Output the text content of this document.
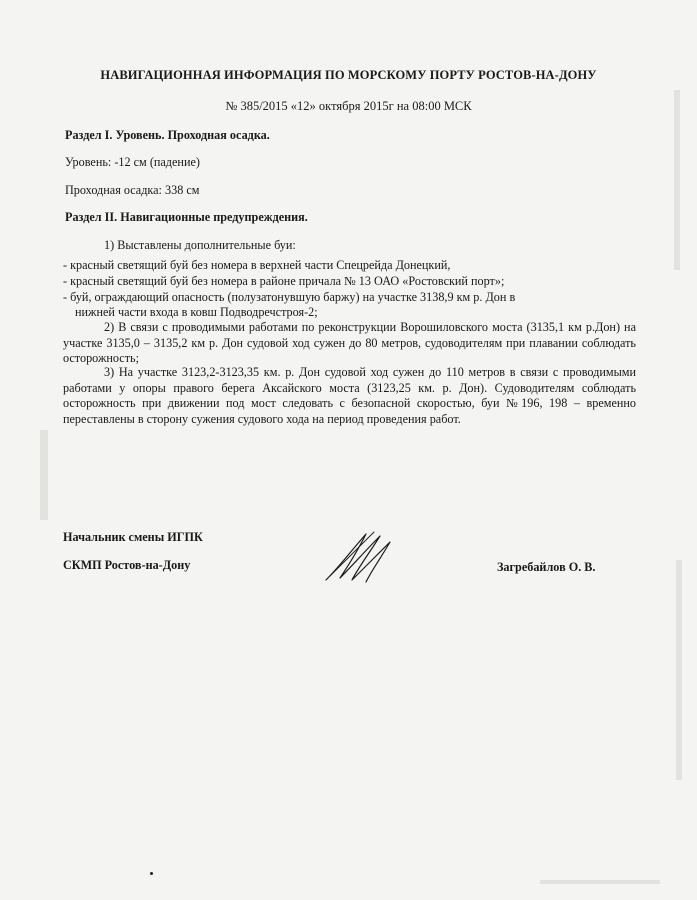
НАВИГАЦИОННАЯ ИНФОРМАЦИЯ ПО МОРСКОМУ ПОРТУ РОСТОВ-НА-ДОНУ
№ 385/2015 «12» октября 2015г на 08:00 МСК
Раздел I. Уровень. Проходная осадка.
Уровень: -12 см (падение)
Проходная осадка: 338 см
Раздел II. Навигационные предупреждения.
1) Выставлены дополнительные буи:
- красный светящий буй без номера в верхней части Спецрейда Донецкий,
- красный светящий буй без номера в районе причала № 13 ОАО «Ростовский порт»;
- буй, ограждающий опасность (полузатонувшую баржу) на участке 3138,9 км р. Дон в
нижней части входа в ковш Подводречстроя-2;
2) В связи с проводимыми работами по реконструкции Ворошиловского моста (3135,1 км р.Дон) на участке 3135,0 – 3135,2 км р. Дон судовой ход сужен до 80 метров, судоводителям при плавании соблюдать осторожность;
3) На участке 3123,2-3123,35 км. р. Дон судовой ход сужен до 110 метров в связи с проводимыми работами у опоры правого берега Аксайского моста (3123,25 км. р. Дон). Судоводителям соблюдать осторожность при движении под мост следовать с безопасной скоростью, буи №196, 198 – временно переставлены в сторону сужения судового хода на период проведения работ.
Начальник смены ИГПК
СКМП Ростов-на-Дону	Загребайлов О. В.
